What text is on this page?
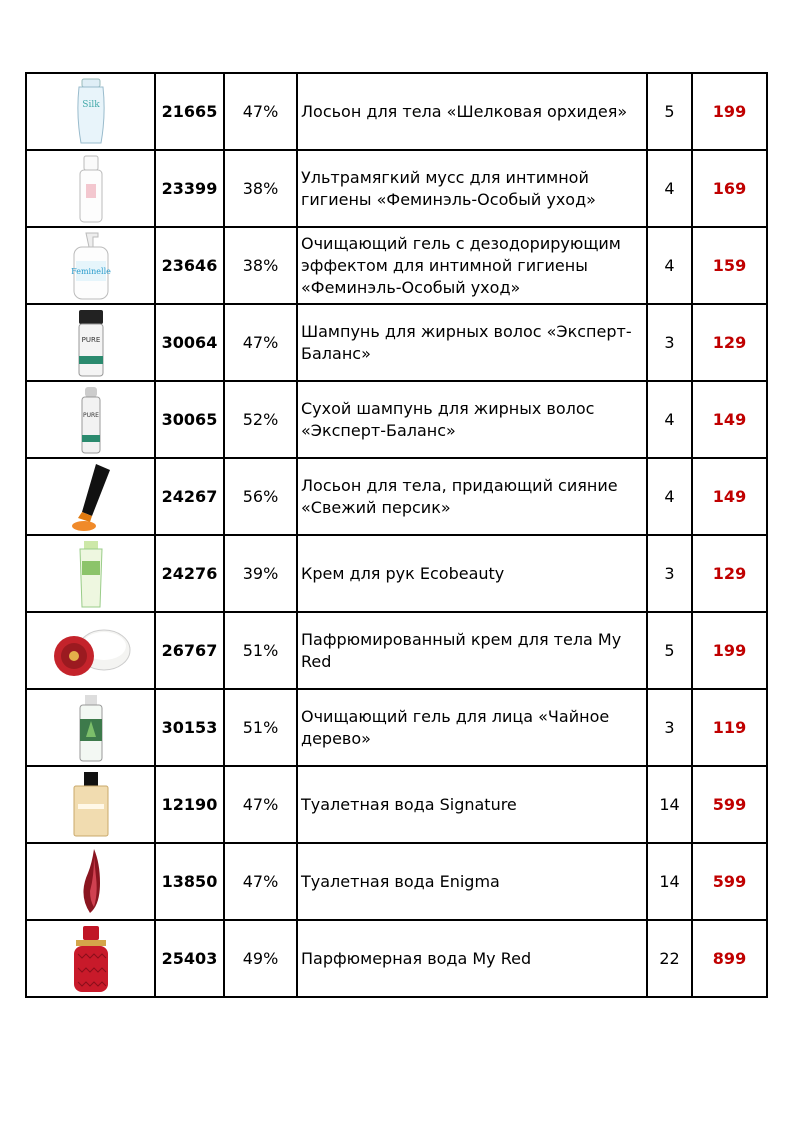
Silk	21665	47%	Лосьон для тела «Шелковая орхидея»	5	199
	23399	38%	Ультрамягкий мусс для интимной гигиены «Феминэль-Особый уход»	4	169

Feminelle	23646	38%	Очищающий гель с дезодорирующим эффектом для интимной гигиены «Феминэль-Особый уход»	4	159

PURE	30064	47%	Шампунь для жирных волос «Эксперт-Баланс»	3	129

PURE	30065	52%	Сухой шампунь для жирных волос «Эксперт-Баланс»	4	149
	24267	56%	Лосьон для тела, придающий сияние «Свежий персик»	4	149
	24276	39%	Крем для рук Ecobeauty	3	129
	26767	51%	Пафрюмированный крем для тела My Red	5	199
	30153	51%	Очищающий гель для лица «Чайное дерево»	3	119
	12190	47%	Туалетная вода Signature	14	599
	13850	47%	Туалетная вода Enigma	14	599
	25403	49%	Парфюмерная вода My Red	22	899
